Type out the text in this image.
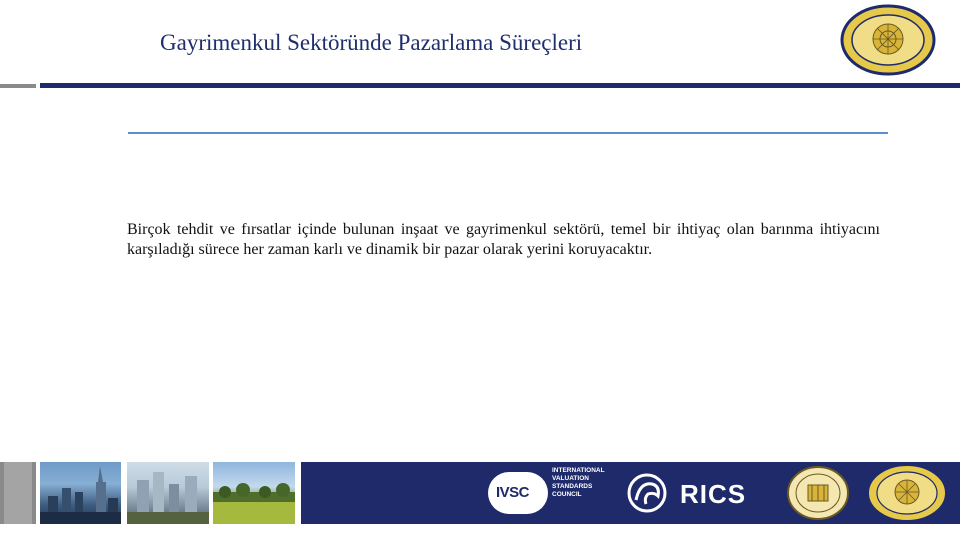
Gayrimenkul Sektöründe Pazarlama Süreçleri
Birçok tehdit ve fırsatlar içinde bulunan inşaat ve gayrimenkul sektörü, temel bir ihtiyaç olan barınma ihtiyacını karşıladığı sürece her zaman karlı ve dinamik bir pazar olarak yerini koruyacaktır.
IVSC
INTERNATIONAL
VALUATION
STANDARDS
COUNCIL	RICS
